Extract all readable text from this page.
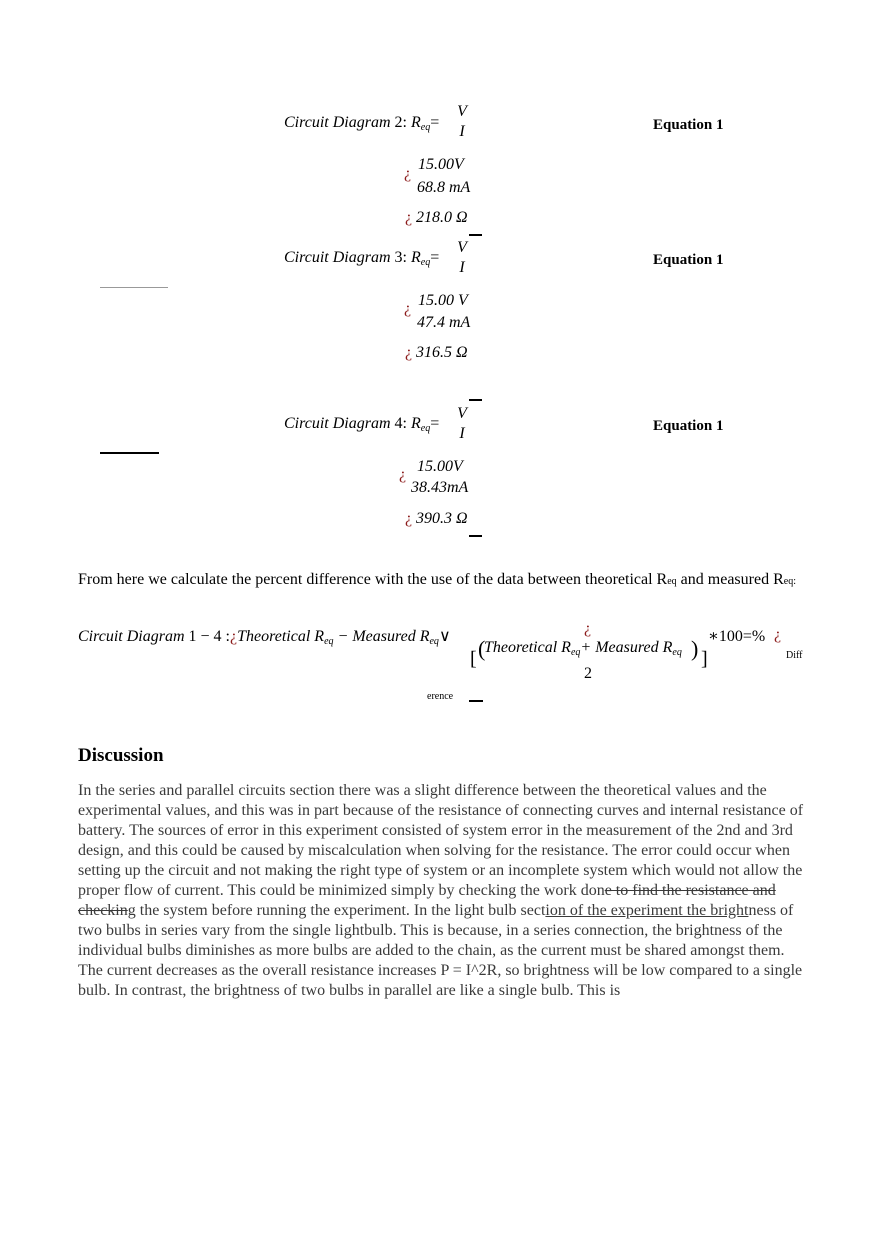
Circuit Diagram 2: $R_{eq}=$
V
I	Equation 1
¿
15.00V
68.8 mA
¿ 218.0 Ω
Circuit Diagram 3: $R_{eq}=$
V
I	Equation 1
¿ 15.00 V
47.4 mA
¿ 316.5 Ω
Circuit Diagram 4: $R_{eq}=$
V
I	Equation 1
¿ 15.00V
38.43mA
¿ 390.3 Ω
From here we calculate the percent difference with the use of the data between theoretical Req and measured Req:
Circuit Diagram 1 − 4 :¿Theoretical $R_{eq}$ − Measured $R_{eq}\vee$	¿
[ (
Theoretical $R_{eq}+$ Measured $R_{eq}$ ) ]
2
∗100=% ¿
Diff
erence
Discussion
In the series and parallel circuits section there was a slight difference between the theoretical values and the experimental values, and this was in part because of the resistance of connecting curves and internal resistance of battery. The sources of error in this experiment consisted of system error in the measurement of the 2nd and 3rd design, and this could be caused by miscalculation when solving for the resistance. The error could occur when setting up the circuit and not making the right type of system or an incomplete system which would not allow the proper flow of current. This could be minimized simply by checking the work done to find the resistance and checking the system before running the experiment. In the light bulb section of the experiment the brightness of two bulbs in series vary from the single lightbulb. This is because, in a series connection, the brightness of the individual bulbs diminishes as more bulbs are added to the chain, as the current must be shared amongst them. The current decreases as the overall resistance increases P = I^2R, so brightness will be low compared to a single bulb. In contrast, the brightness of two bulbs in parallel are like a single bulb. This is
